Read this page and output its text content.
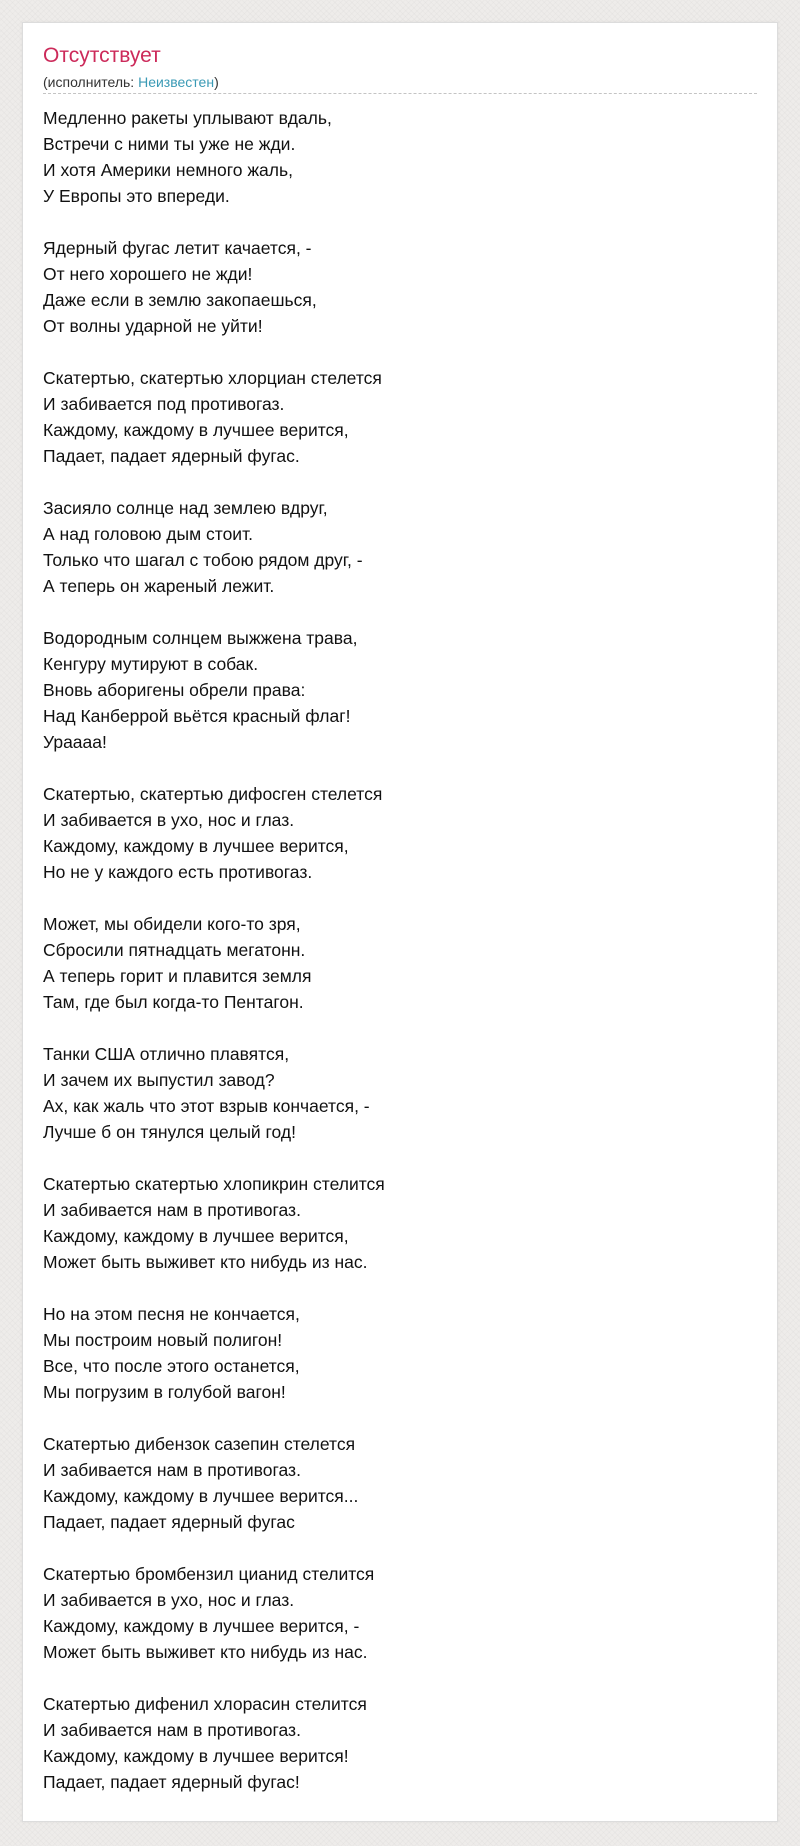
Отсутствует
(исполнитель: Неизвестен)
Медленно ракеты уплывают вдаль,
Встречи с ними ты уже не жди.
И хотя Америки немного жаль,
У Европы это впереди.
Ядерный фугас летит качается, -
От него хорошего не жди!
Даже если в землю закопаешься,
От волны ударной не уйти!
Скатертью, скатертью хлорциан стелется
И забивается под противогаз.
Каждому, каждому в лучшее верится,
Падает, падает ядерный фугас.
Засияло солнце над землею вдруг,
А над головою дым стоит.
Только что шагал с тобою рядом друг, -
А теперь он жареный лежит.
Водородным солнцем выжжена трава,
Кенгуру мутируют в собак.
Вновь аборигены обрели права:
Над Канберрой вьётся красный флаг!
Ураааа!
Скатертью, скатертью дифосген стелется
И забивается в ухо, нос и глаз.
Каждому, каждому в лучшее верится,
Но не у каждого есть противогаз.
Может, мы обидели кого-то зря,
Сбросили пятнадцать мегатонн.
А теперь горит и плавится земля
Там, где был когда-то Пентагон.
Танки США отлично плавятся,
И зачем их выпустил завод?
Ах, как жаль что этот взрыв кончается, -
Лучше б он тянулся целый год!
Скатертью скатертью хлопикрин стелится
И забивается нам в противогаз.
Каждому, каждому в лучшее верится,
Может быть выживет кто нибудь из нас.
Но на этом песня не кончается,
Мы построим новый полигон!
Все, что после этого останется,
Мы погрузим в голубой вагон!
Скатертью дибензок сазепин стелется
И забивается нам в противогаз.
Каждому, каждому в лучшее верится...
Падает, падает ядерный фугас
Скатертью бромбензил цианид стелится
И забивается в ухо, нос и глаз.
Каждому, каждому в лучшее верится, -
Может быть выживет кто нибудь из нас.
Скатертью дифенил хлорасин стелится
И забивается нам в противогаз.
Каждому, каждому в лучшее верится!
Падает, падает ядерный фугас!
